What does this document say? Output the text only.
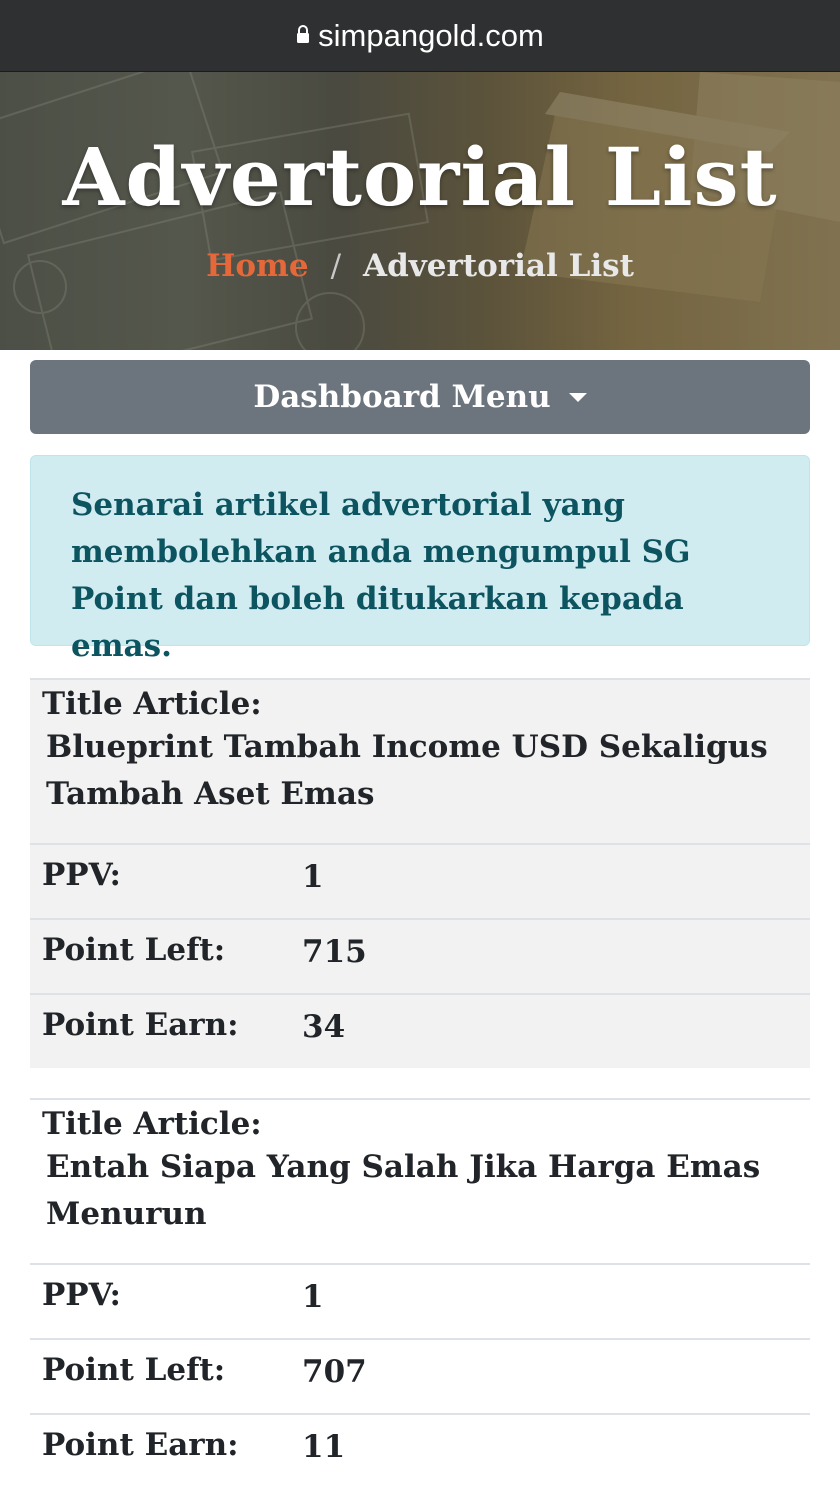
simpangold.com
Advertorial List
Home / Advertorial List
Dashboard Menu
Senarai artikel advertorial yang membolehkan anda mengumpul SG Point dan boleh ditukarkan kepada emas.
Title Article:
Blueprint Tambah Income USD Sekaligus Tambah Aset Emas	

PPV:	1
Point Left:	715
Point Earn:	34
Title Article:
Entah Siapa Yang Salah Jika Harga Emas Menurun	

PPV:	1
Point Left:	707
Point Earn:	11
